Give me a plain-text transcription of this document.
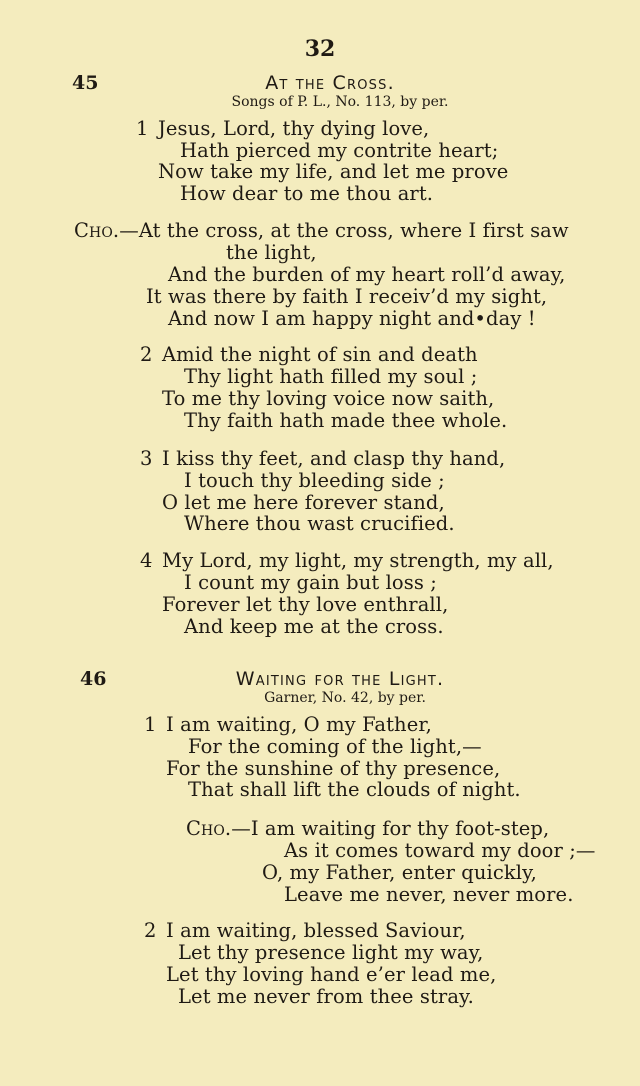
32
45	At the Cross.
Songs of P. L., No. 113, by per.
1 Jesus, Lord, thy dying love,
Hath pierced my contrite heart;
Now take my life, and let me prove
How dear to me thou art.
Cho.—At the cross, at the cross, where I first saw
the light,
And the burden of my heart roll’d away,
It was there by faith I receiv’d my sight,
And now I am happy night and•day !
2 Amid the night of sin and death
Thy light hath filled my soul ;
To me thy loving voice now saith,
Thy faith hath made thee whole.
3 I kiss thy feet, and clasp thy hand,
I touch thy bleeding side ;
O let me here forever stand,
Where thou wast crucified.
4 My Lord, my light, my strength, my all,
I count my gain but loss ;
Forever let thy love enthrall,
And keep me at the cross.
46	Waiting for the Light.
Garner, No. 42, by per.
1 I am waiting, O my Father,
For the coming of the light,—
For the sunshine of thy presence,
That shall lift the clouds of night.
Cho.—I am waiting for thy foot-step,
As it comes toward my door ;—
O, my Father, enter quickly,
Leave me never, never more.
2 I am waiting, blessed Saviour,
Let thy presence light my way,
Let thy loving hand e’er lead me,
Let me never from thee stray.
